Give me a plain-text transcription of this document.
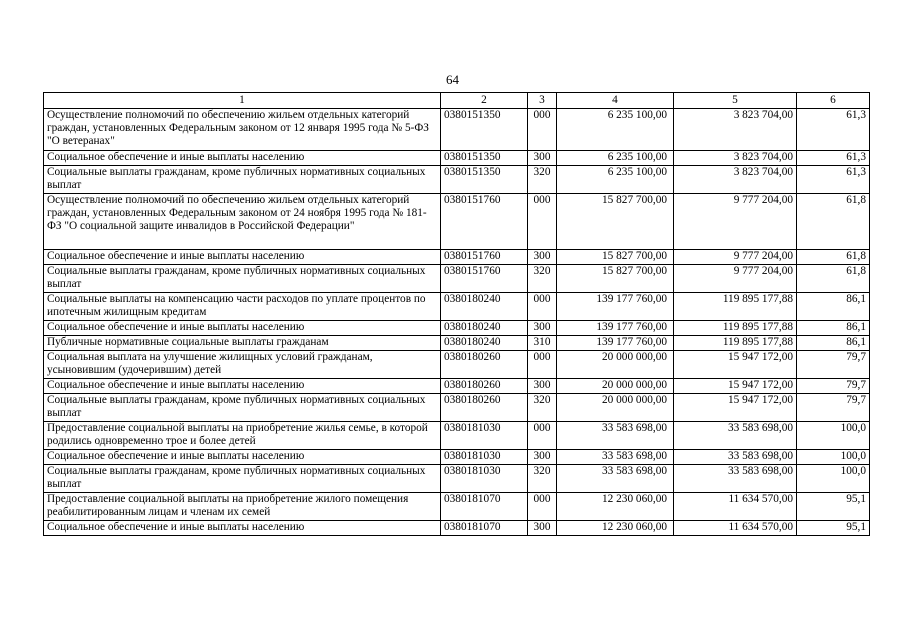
64
1	2	3	4	5	6
Осуществление полномочий по обеспечению жильем отдельных категорий граждан, установленных Федеральным законом от 12 января 1995 года № 5-ФЗ "О ветеранах"	0380151350	000	6 235 100,00	3 823 704,00	61,3
Социальное обеспечение и иные выплаты населению	0380151350	300	6 235 100,00	3 823 704,00	61,3
Социальные выплаты гражданам, кроме публичных нормативных социальных выплат	0380151350	320	6 235 100,00	3 823 704,00	61,3
Осуществление полномочий по обеспечению жильем отдельных категорий граждан, установленных Федеральным законом от 24 ноября 1995 года № 181-ФЗ "О социальной защите инвалидов в Российской Федерации"	0380151760	000	15 827 700,00	9 777 204,00	61,8
Социальное обеспечение и иные выплаты населению	0380151760	300	15 827 700,00	9 777 204,00	61,8
Социальные выплаты гражданам, кроме публичных нормативных социальных выплат	0380151760	320	15 827 700,00	9 777 204,00	61,8
Социальные выплаты на компенсацию части расходов по уплате процентов по ипотечным жилищным кредитам	0380180240	000	139 177 760,00	119 895 177,88	86,1
Социальное обеспечение и иные выплаты населению	0380180240	300	139 177 760,00	119 895 177,88	86,1
Публичные нормативные социальные выплаты гражданам	0380180240	310	139 177 760,00	119 895 177,88	86,1
Социальная выплата на улучшение жилищных условий гражданам, усыновившим (удочерившим) детей	0380180260	000	20 000 000,00	15 947 172,00	79,7
Социальное обеспечение и иные выплаты населению	0380180260	300	20 000 000,00	15 947 172,00	79,7
Социальные выплаты гражданам, кроме публичных нормативных социальных выплат	0380180260	320	20 000 000,00	15 947 172,00	79,7
Предоставление социальной выплаты на приобретение жилья семье, в которой родились одновременно трое и более детей	0380181030	000	33 583 698,00	33 583 698,00	100,0
Социальное обеспечение и иные выплаты населению	0380181030	300	33 583 698,00	33 583 698,00	100,0
Социальные выплаты гражданам, кроме публичных нормативных социальных выплат	0380181030	320	33 583 698,00	33 583 698,00	100,0
Предоставление социальной выплаты на приобретение жилого помещения реабилитированным лицам и членам их семей	0380181070	000	12 230 060,00	11 634 570,00	95,1
Социальное обеспечение и иные выплаты населению	0380181070	300	12 230 060,00	11 634 570,00	95,1
